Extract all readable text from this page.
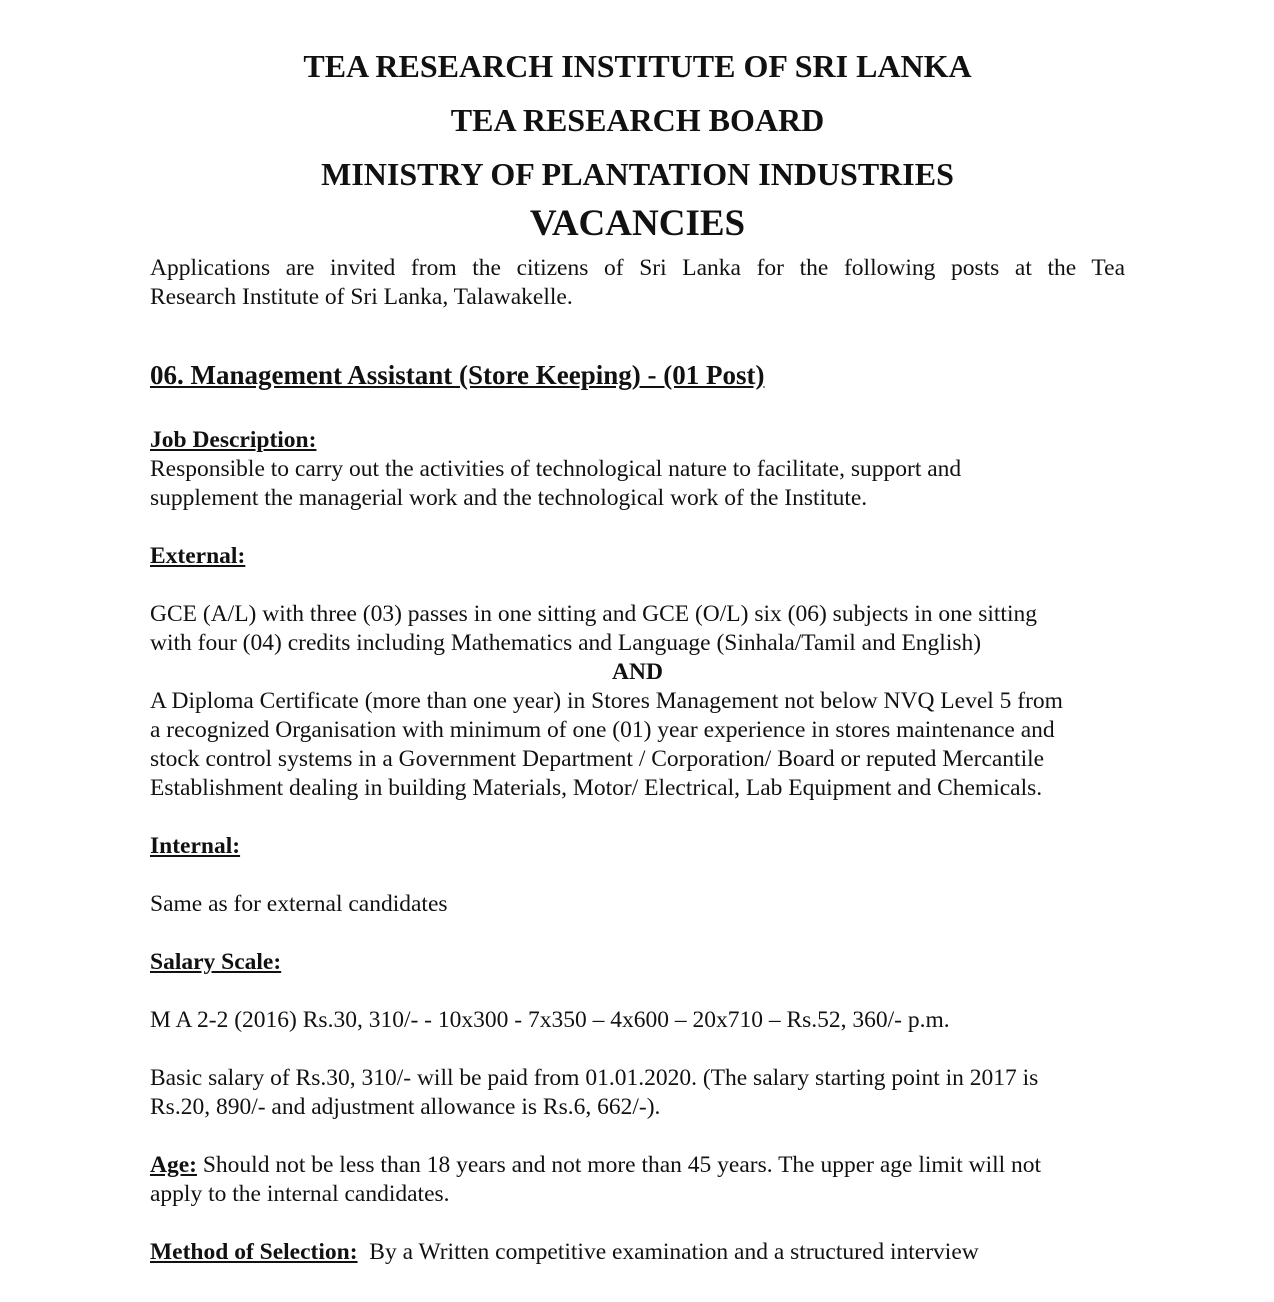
TEA RESEARCH INSTITUTE OF SRI LANKA
TEA RESEARCH BOARD
MINISTRY OF PLANTATION INDUSTRIES
VACANCIES

Applications are invited from the citizens of Sri Lanka for the following posts at the Tea
Research Institute of Sri Lanka, Talawakelle.

06. Management Assistant (Store Keeping) - (01 Post)

Job Description:

Responsible to carry out the activities of technological nature to facilitate, support and

supplement the managerial work and the technological work of the Institute.

External:

GCE (A/L) with three (03) passes in one sitting and GCE (O/L) six (06) subjects in one sitting

with four (04) credits including Mathematics and Language (Sinhala/Tamil and English)

AND

A Diploma Certificate (more than one year) in Stores Management not below NVQ Level 5 from

a recognized Organisation with minimum of one (01) year experience in stores maintenance and

stock control systems in a Government Department / Corporation/ Board or reputed Mercantile

Establishment dealing in building Materials, Motor/ Electrical, Lab Equipment and Chemicals.

Internal:

Same as for external candidates

Salary Scale:

M A 2-2 (2016) Rs.30, 310/- - 10x300 - 7x350 – 4x600 – 20x710 – Rs.52, 360/- p.m.

Basic salary of Rs.30, 310/- will be paid from 01.01.2020. (The salary starting point in 2017 is

Rs.20, 890/- and adjustment allowance is Rs.6, 662/-).

Age: Should not be less than 18 years and not more than 45 years. The upper age limit will not

apply to the internal candidates.

Method of Selection:  By a Written competitive examination and a structured interview
